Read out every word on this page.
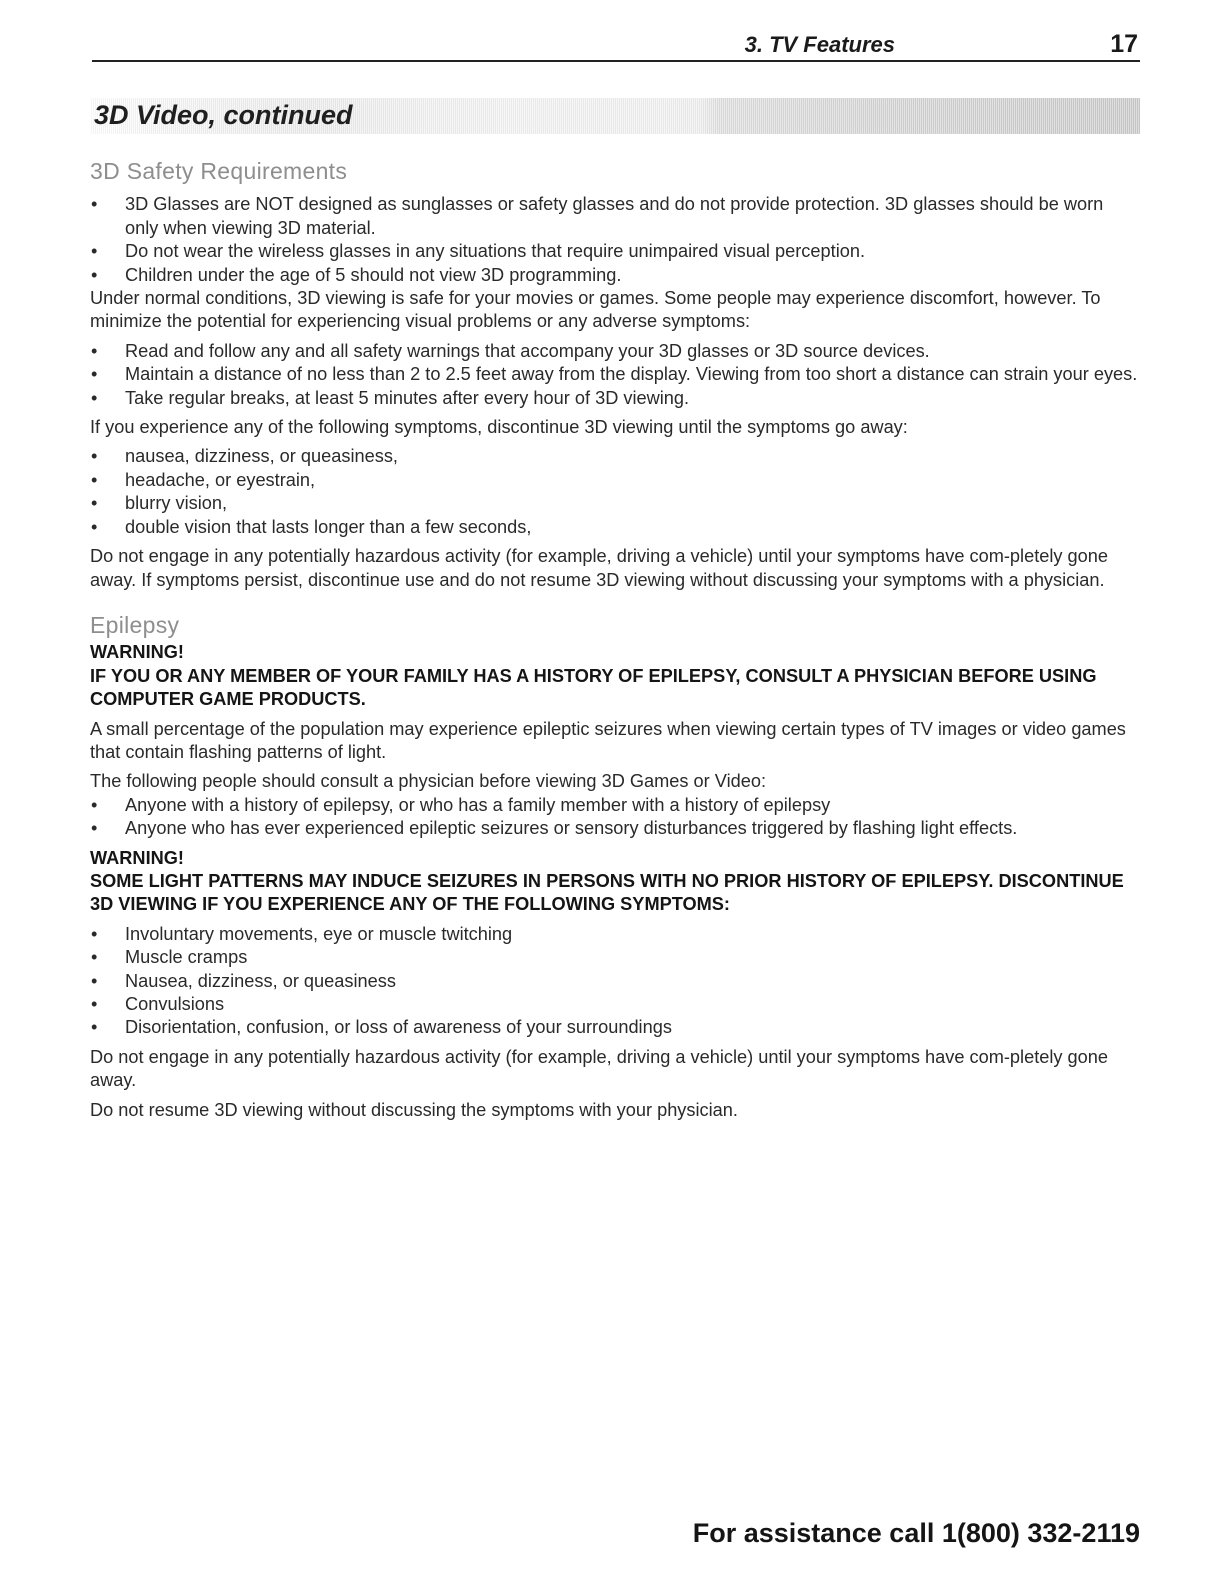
3. TV Features	17
3D Video, continued
3D Safety Requirements
• 3D Glasses are NOT designed as sunglasses or safety glasses and do not provide protection. 3D glasses should be worn only when viewing 3D material.
• Do not wear the wireless glasses in any situations that require unimpaired visual perception.
• Children under the age of 5 should not view 3D programming.

Under normal conditions, 3D viewing is safe for your movies or games. Some people may experience discomfort, however. To minimize the potential for experiencing visual problems or any adverse symptoms:

• Read and follow any and all safety warnings that accompany your 3D glasses or 3D source devices.
• Maintain a distance of no less than 2 to 2.5 feet away from the display. Viewing from too short a distance can strain your eyes.
• Take regular breaks, at least 5 minutes after every hour of 3D viewing.

If you experience any of the following symptoms, discontinue 3D viewing until the symptoms go away:

• nausea, dizziness, or queasiness,
• headache, or eyestrain,
• blurry vision,
• double vision that lasts longer than a few seconds,

Do not engage in any potentially hazardous activity (for example, driving a vehicle) until your symptoms have com-pletely gone away. If symptoms persist, discontinue use and do not resume 3D viewing without discussing your symptoms with a physician.

Epilepsy

WARNING!

IF YOU OR ANY MEMBER OF YOUR FAMILY HAS A HISTORY OF EPILEPSY, CONSULT A PHYSICIAN BEFORE USING COMPUTER GAME PRODUCTS.

A small percentage of the population may experience epileptic seizures when viewing certain types of TV images or video games that contain flashing patterns of light.

The following people should consult a physician before viewing 3D Games or Video:

• Anyone with a history of epilepsy, or who has a family member with a history of epilepsy
• Anyone who has ever experienced epileptic seizures or sensory disturbances triggered by flashing light effects.

WARNING!

SOME LIGHT PATTERNS MAY INDUCE SEIZURES IN PERSONS WITH NO PRIOR HISTORY OF EPILEPSY. DISCONTINUE 3D VIEWING IF YOU EXPERIENCE ANY OF THE FOLLOWING SYMPTOMS:

• Involuntary movements, eye or muscle twitching
• Muscle cramps
• Nausea, dizziness, or queasiness
• Convulsions
• Disorientation, confusion, or loss of awareness of your surroundings

Do not engage in any potentially hazardous activity (for example, driving a vehicle) until your symptoms have com-pletely gone away.

Do not resume 3D viewing without discussing the symptoms with your physician.

For assistance call 1(800) 332-2119
